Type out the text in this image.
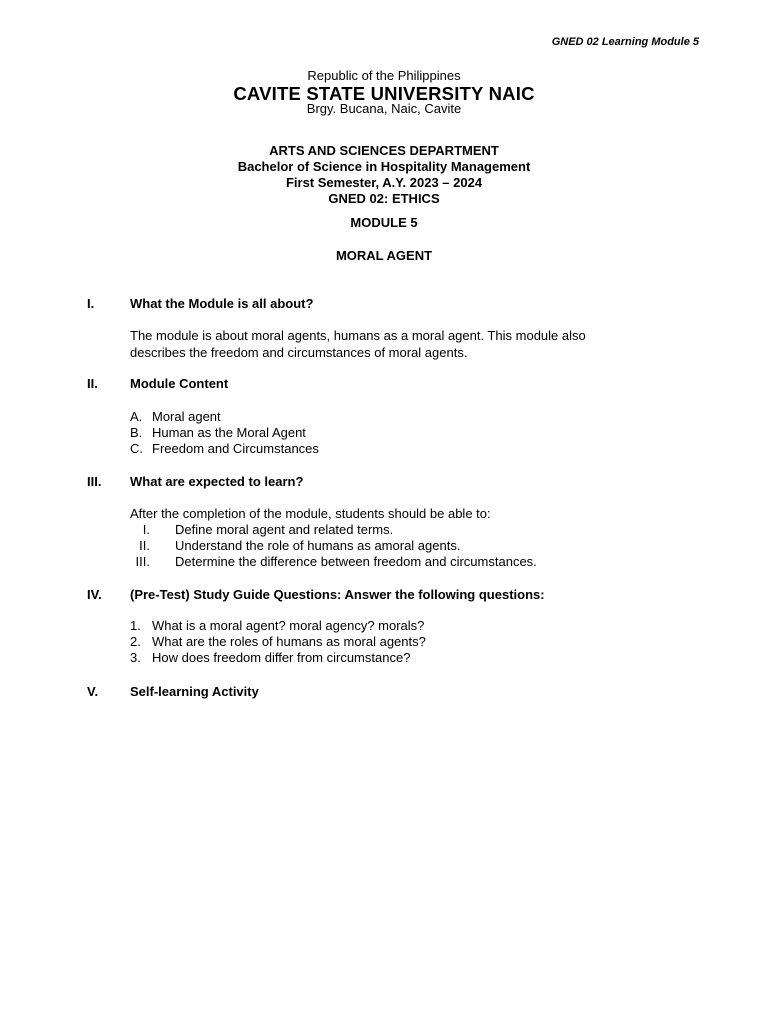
GNED 02 Learning Module 5
Republic of the Philippines
CAVITE STATE UNIVERSITY NAIC
Brgy. Bucana, Naic, Cavite
ARTS AND SCIENCES DEPARTMENT
Bachelor of Science in Hospitality Management
First Semester, A.Y. 2023 – 2024
GNED 02: ETHICS
MODULE 5
MORAL AGENT
I.	What the Module is all about?
The module is about moral agents, humans as a moral agent. This module also
describes the freedom and circumstances of moral agents.
II. Module Content
A. Moral agent
B. Human as the Moral Agent
C. Freedom and Circumstances
III. What are expected to learn?
After the completion of the module, students should be able to:
I. Define moral agent and related terms.
II. Understand the role of humans as amoral agents.
III. Determine the difference between freedom and circumstances.
IV. (Pre-Test) Study Guide Questions: Answer the following questions:
1. What is a moral agent? moral agency? morals?
2. What are the roles of humans as moral agents?
3. How does freedom differ from circumstance?
V. Self-learning Activity
